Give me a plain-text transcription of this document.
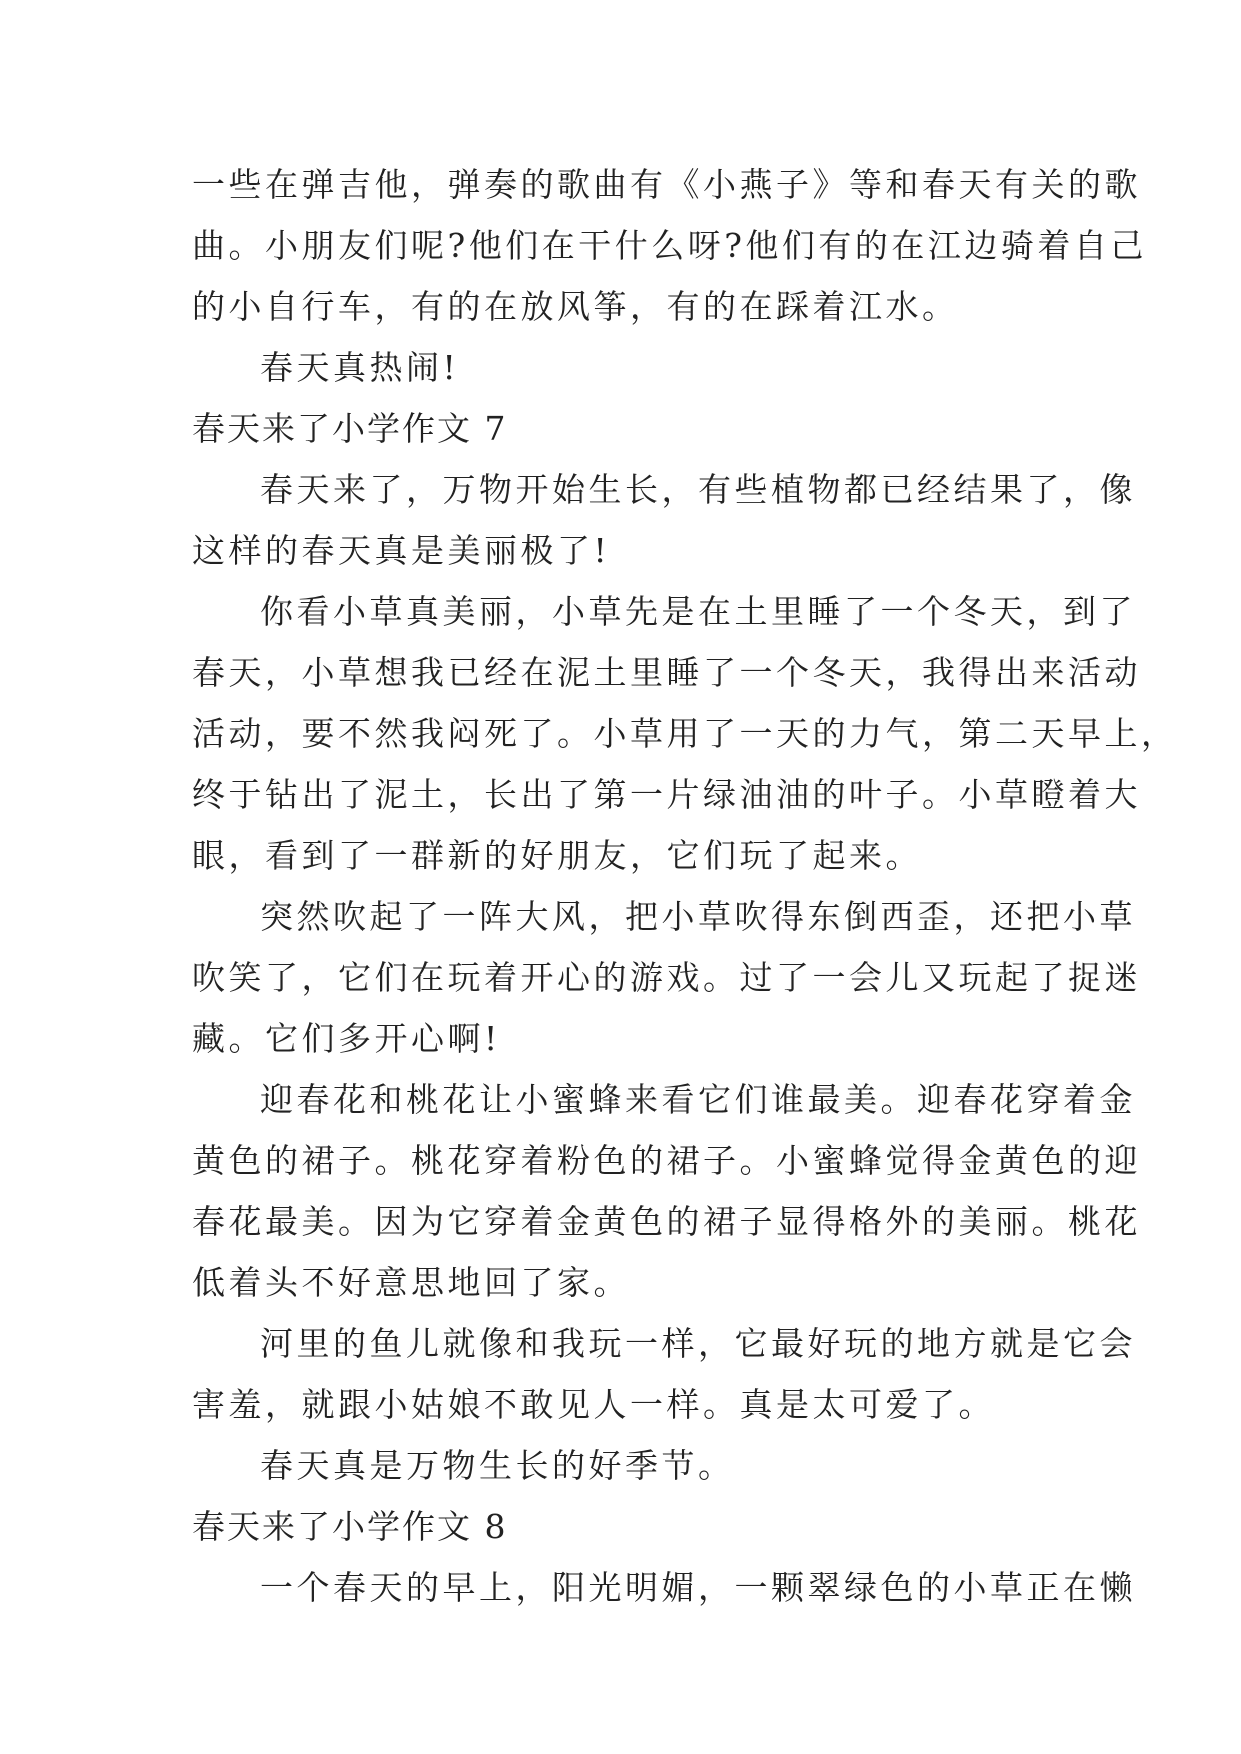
一些在弹吉他，弹奏的歌曲有《小燕子》等和春天有关的歌
曲。小朋友们呢?他们在干什么呀?他们有的在江边骑着自己
的小自行车，有的在放风筝，有的在踩着江水。
春天真热闹!
春天来了小学作文 7
春天来了，万物开始生长，有些植物都已经结果了，像
这样的春天真是美丽极了!
你看小草真美丽，小草先是在土里睡了一个冬天，到了
春天，小草想我已经在泥土里睡了一个冬天，我得出来活动
活动，要不然我闷死了。小草用了一天的力气，第二天早上，
终于钻出了泥土，长出了第一片绿油油的叶子。小草瞪着大
眼，看到了一群新的好朋友，它们玩了起来。
突然吹起了一阵大风，把小草吹得东倒西歪，还把小草
吹笑了，它们在玩着开心的游戏。过了一会儿又玩起了捉迷
藏。它们多开心啊!
迎春花和桃花让小蜜蜂来看它们谁最美。迎春花穿着金
黄色的裙子。桃花穿着粉色的裙子。小蜜蜂觉得金黄色的迎
春花最美。因为它穿着金黄色的裙子显得格外的美丽。桃花
低着头不好意思地回了家。
河里的鱼儿就像和我玩一样，它最好玩的地方就是它会
害羞，就跟小姑娘不敢见人一样。真是太可爱了。
春天真是万物生长的好季节。
春天来了小学作文 8
一个春天的早上，阳光明媚，一颗翠绿色的小草正在懒
